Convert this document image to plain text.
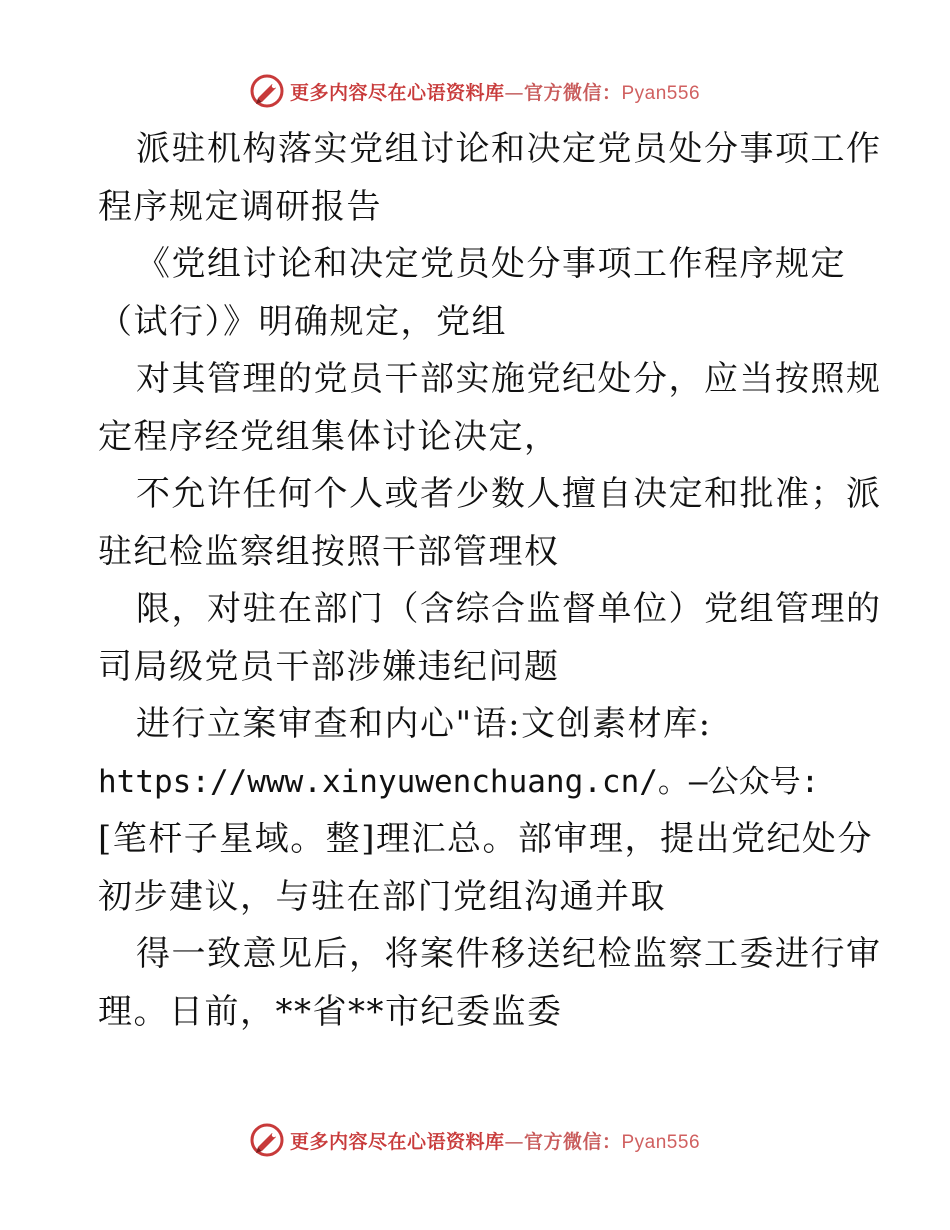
更多内容尽在心语资料库—官方微信：Pyan556
派驻机构落实党组讨论和决定党员处分事项工作
程序规定调研报告
《党组讨论和决定党员处分事项工作程序规定
（试行）》明确规定，党组
对其管理的党员干部实施党纪处分，应当按照规
定程序经党组集体讨论决定，
不允许任何个人或者少数人擅自决定和批准；派
驻纪检监察组按照干部管理权
限，对驻在部门（含综合监督单位）党组管理的
司局级党员干部涉嫌违纪问题
进行立案审查和内心"语:文创素材库:
https://www.xinyuwenchuang.cn/。—公众号:
[笔杆子星域。整]理汇总。部审理，提出党纪处分
初步建议，与驻在部门党组沟通并取
得一致意见后，将案件移送纪检监察工委进行审
理。日前，**省**市纪委监委
更多内容尽在心语资料库—官方微信：Pyan556
